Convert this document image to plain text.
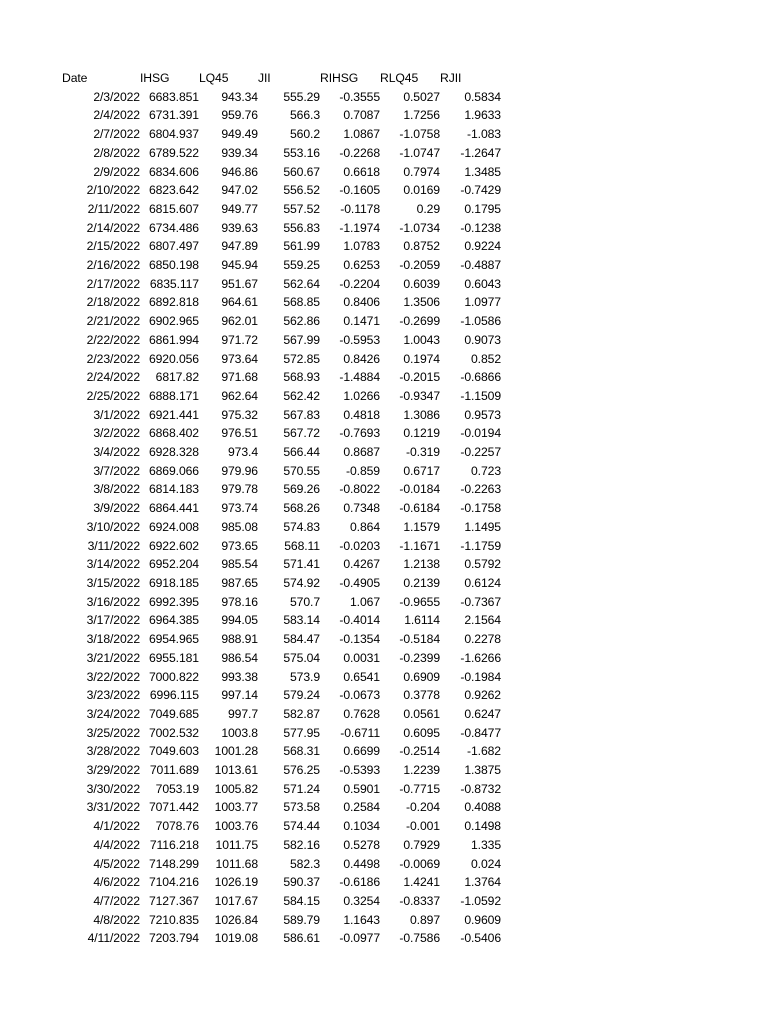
Date	IHSG	LQ45	JII	RIHSG	RLQ45	RJII
2/3/2022	6683.851	943.34	555.29	-0.3555	0.5027	0.5834
2/4/2022	6731.391	959.76	566.3	0.7087	1.7256	1.9633
2/7/2022	6804.937	949.49	560.2	1.0867	-1.0758	-1.083
2/8/2022	6789.522	939.34	553.16	-0.2268	-1.0747	-1.2647
2/9/2022	6834.606	946.86	560.67	0.6618	0.7974	1.3485
2/10/2022	6823.642	947.02	556.52	-0.1605	0.0169	-0.7429
2/11/2022	6815.607	949.77	557.52	-0.1178	0.29	0.1795
2/14/2022	6734.486	939.63	556.83	-1.1974	-1.0734	-0.1238
2/15/2022	6807.497	947.89	561.99	1.0783	0.8752	0.9224
2/16/2022	6850.198	945.94	559.25	0.6253	-0.2059	-0.4887
2/17/2022	6835.117	951.67	562.64	-0.2204	0.6039	0.6043
2/18/2022	6892.818	964.61	568.85	0.8406	1.3506	1.0977
2/21/2022	6902.965	962.01	562.86	0.1471	-0.2699	-1.0586
2/22/2022	6861.994	971.72	567.99	-0.5953	1.0043	0.9073
2/23/2022	6920.056	973.64	572.85	0.8426	0.1974	0.852
2/24/2022	6817.82	971.68	568.93	-1.4884	-0.2015	-0.6866
2/25/2022	6888.171	962.64	562.42	1.0266	-0.9347	-1.1509
3/1/2022	6921.441	975.32	567.83	0.4818	1.3086	0.9573
3/2/2022	6868.402	976.51	567.72	-0.7693	0.1219	-0.0194
3/4/2022	6928.328	973.4	566.44	0.8687	-0.319	-0.2257
3/7/2022	6869.066	979.96	570.55	-0.859	0.6717	0.723
3/8/2022	6814.183	979.78	569.26	-0.8022	-0.0184	-0.2263
3/9/2022	6864.441	973.74	568.26	0.7348	-0.6184	-0.1758
3/10/2022	6924.008	985.08	574.83	0.864	1.1579	1.1495
3/11/2022	6922.602	973.65	568.11	-0.0203	-1.1671	-1.1759
3/14/2022	6952.204	985.54	571.41	0.4267	1.2138	0.5792
3/15/2022	6918.185	987.65	574.92	-0.4905	0.2139	0.6124
3/16/2022	6992.395	978.16	570.7	1.067	-0.9655	-0.7367
3/17/2022	6964.385	994.05	583.14	-0.4014	1.6114	2.1564
3/18/2022	6954.965	988.91	584.47	-0.1354	-0.5184	0.2278
3/21/2022	6955.181	986.54	575.04	0.0031	-0.2399	-1.6266
3/22/2022	7000.822	993.38	573.9	0.6541	0.6909	-0.1984
3/23/2022	6996.115	997.14	579.24	-0.0673	0.3778	0.9262
3/24/2022	7049.685	997.7	582.87	0.7628	0.0561	0.6247
3/25/2022	7002.532	1003.8	577.95	-0.6711	0.6095	-0.8477
3/28/2022	7049.603	1001.28	568.31	0.6699	-0.2514	-1.682
3/29/2022	7011.689	1013.61	576.25	-0.5393	1.2239	1.3875
3/30/2022	7053.19	1005.82	571.24	0.5901	-0.7715	-0.8732
3/31/2022	7071.442	1003.77	573.58	0.2584	-0.204	0.4088
4/1/2022	7078.76	1003.76	574.44	0.1034	-0.001	0.1498
4/4/2022	7116.218	1011.75	582.16	0.5278	0.7929	1.335
4/5/2022	7148.299	1011.68	582.3	0.4498	-0.0069	0.024
4/6/2022	7104.216	1026.19	590.37	-0.6186	1.4241	1.3764
4/7/2022	7127.367	1017.67	584.15	0.3254	-0.8337	-1.0592
4/8/2022	7210.835	1026.84	589.79	1.1643	0.897	0.9609
4/11/2022	7203.794	1019.08	586.61	-0.0977	-0.7586	-0.5406
